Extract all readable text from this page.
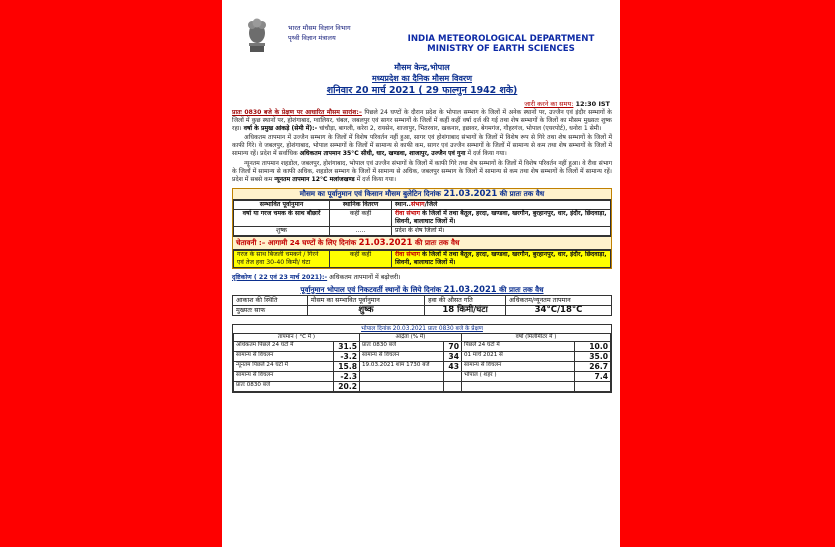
भारत मौसम विज्ञान विभाग
पृथ्वी विज्ञान मंत्रालय	INDIA METEOROLOGICAL DEPARTMENT
MINISTRY OF EARTH SCIENCES
मौसम केन्द्र,भोपाल
मध्यप्रदेश का दैनिक मौसम विवरण
शनिवार 20 मार्च 2021 ( 29 फाल्गुन 1942 शके)
जारी करने का समय: 12:30 IST

प्रातः 0830 बजे के प्रेक्षण पर आधारित मौसम सारांश:– पिछले 24 घण्टों के दौरान प्रदेश के भोपाल सम्भाग के जिलों में अनेक स्थानों पर, उज्जैन एवं इंदौर सम्भागों के जिलों में कुछ स्थानों पर, होशंगाबाद, ग्वालियर, चंबल, जबलपुर एवं सागर सम्भागों के जिलों में कहीं कहीं वर्षा दर्ज की गई तथा शेष सम्भागों के जिलों का मौसम मुख्यतः शुष्क रहा। वर्षा के प्रमुख आंकड़े (सेमी में):- चांचौड़ा, बागली, करेरा 2, रायसेन, शाजापुर, भितरवार, खकनार, इछावर, बेगमगंज, गौहरगंज, भोपाल (एयरपोर्ट), धनोरा 1 सेमी।

अधिकतम तापमान में उज्जैन सम्भाग के जिलों में विशेष परिवर्तन नहीं हुआ, सागर एवं होशंगाबाद संभागों के जिलों में विशेष रूप से गिरे तथा शेष सम्भागों के जिलों में काफी गिरे। वे जबलपुर, होशंगाबाद, भोपाल सम्भागों के जिलों में सामान्य से काफी कम, सागर एवं उज्जैन सम्भागों के जिलों में सामान्य से कम तथा शेष सम्भागों के जिलों में सामान्य रहें। प्रदेश में सर्वाधिक अधिकतम तापमान 35°C सीधी, धार, खण्डवा, शाजापुर, उज्जैन एवं गुना में दर्ज किया गया।

न्यूनतम तापमान शहडोल, जबलपुर, होशंगाबाद, भोपाल एवं उज्जैन संभागों के जिलों में काफी गिरे तथा शेष सम्भागों के जिलों में विशेष परिवर्तन नहीं हुआ। वे रीवा संभाग के जिलों में सामान्य से काफी अधिक, शहडोल सम्भाग के जिलों में सामान्य से अधिक, जबलपुर सम्भाग के जिलों में सामान्य से कम तथा शेष सम्भागों के जिलों में सामान्य रहें। प्रदेश में सबसे कम न्यूनतम तापमान 12°C मलांजखण्ड में दर्ज किया गया।

मौसम का पूर्वानुमान एवं किसान मौसम बुलेटिन दिनांक 21.03.2021 की प्रातः तक वैध
सम्भावित पूर्वानुमान	स्थानिक वितरण	स्थान..संभाग/जिले
वर्षा या गरज चमक के साथ बौछारें	कहीं कहीं	रीवा संभाग के जिलों में तथा बैतूल, हरदा, खण्डवा, खरगौन, बुरहानपुर, धार, इंदौर, छिंदवाड़ा, सिवनी, बालाघाट जिलों में।
शुष्क	.....	प्रदेश के शेष जिलों में।
चेतावनी :– आगामी 24 घण्टों के लिए दिनांक 21.03.2021 की प्रातः तक वैध
गरज के साथ बिजली चमकने / गिरने एवं तेज हवा 30-40 किमी/ घंटा	कहीं कहीं	रीवा संभाग के जिलों में तथा बैतूल, हरदा, खण्डवा, खरगौन, बुरहानपुर, धार, इंदौर, छिंदवाड़ा, सिवनी, बालाघाट जिलों में।
दृष्टिकोण ( 22 एवं 23 मार्च 2021):- अधिकतम तापमानों में बढ़ोत्तरी।
पूर्वानुमान भोपाल एवं निकटवर्ती स्थानों के लिये दिनांक 21.03.2021 की प्रातः तक वैध
आकाश की स्थिति	मौसम का सम्भावित पूर्वानुमान	हवा की औसत गति	अधिकतम/न्यूनतम तापमान
मुख्यतः साफ	शुष्क	18 किमी/घंटा	34°C/18°C
भोपाल दिनांक 20.03.2021 प्रातः 0830 बजे के प्रेक्षण
तापमान ( °C में )		आर्द्रता (% में)		वर्षा (मिलीमीटर में )	
अधिकतम पिछले 24 घंटों में	31.5	प्रातः 0830 बजे	70	पिछले 24 घंटों में	10.0
सामान्य से विचलन	-3.2	सामान्य से विचलन	34	01 मार्च 2021 से	35.0
न्यूनतम पिछले 24 घंटो में	15.8	19.03.2021 शाम 1730 बजे	43	सामान्य से विचलन	26.7
सामान्य से विचलन	-2.3			भोपाल ( शहर )	7.4
प्रातः 0830 बजे	20.2				
